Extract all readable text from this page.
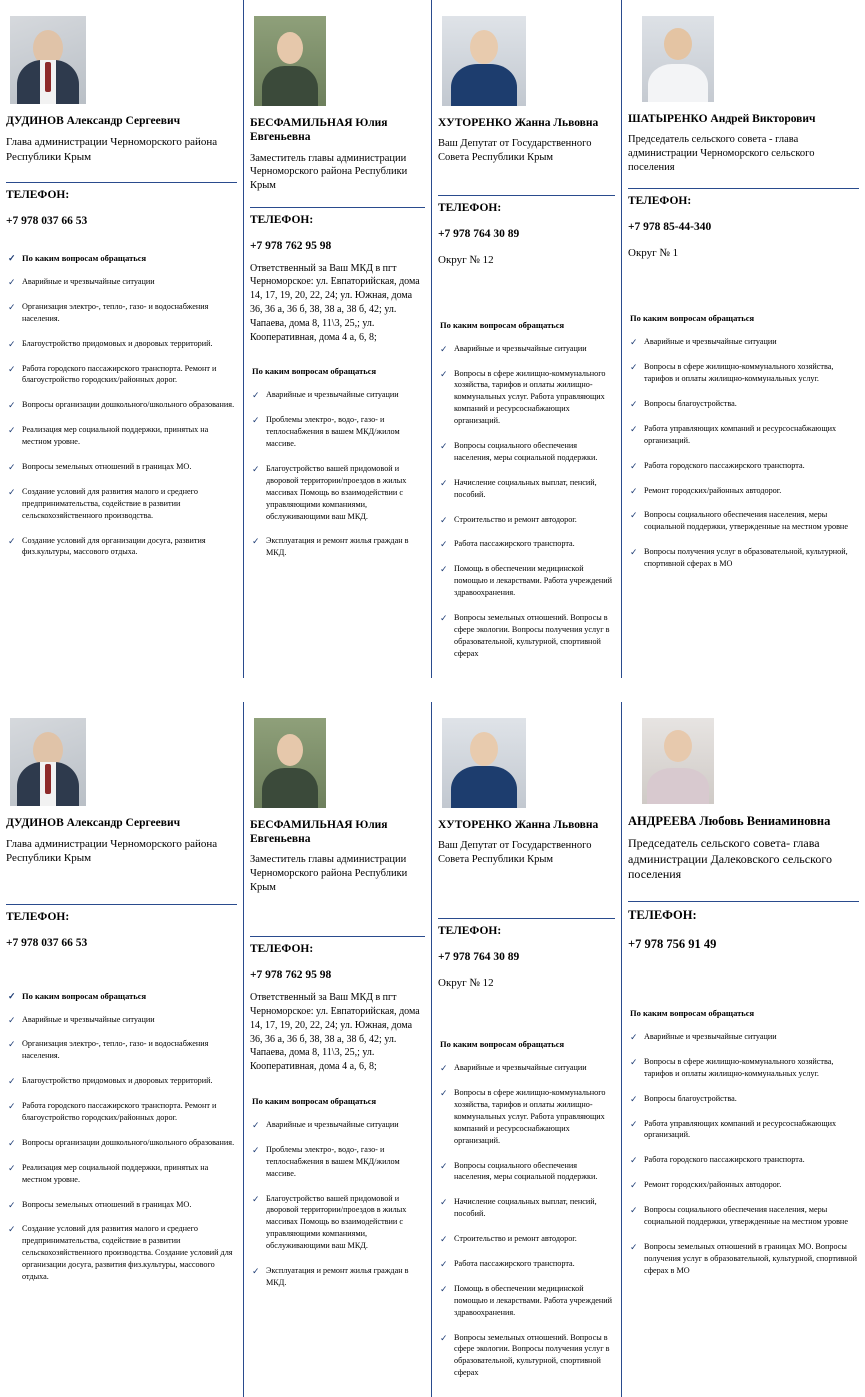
ДУДИНОВ Александр Сергеевич
Глава администрации Черноморского района Республики Крым
ТЕЛЕФОН:
+7 978 037 66 53
✓ По каким вопросам обращаться
✓ Аварийные и чрезвычайные ситуации
✓ Организация электро-, тепло-, газо- и водоснабжения населения.
✓ Благоустройство придомовых и дворовых территорий.
✓ Работа городского пассажирского транспорта. Ремонт и благоустройство городских/районных дорог.
✓ Вопросы организации дошкольного/школьного образования.
✓ Реализация мер социальной поддержки, принятых на местном уровне.
✓ Вопросы земельных отношений в границах МО.
✓ Создание условий для развития малого и среднего предпринимательства, содействие в развитии сельскохозяйственного производства.
✓ Создание условий для организации досуга, развития физ.культуры, массового отдыха.
БЕСФАМИЛЬНАЯ Юлия Евгеньевна
Заместитель главы администрации Черноморского района Республики Крым
ТЕЛЕФОН:
+7 978 762 95 98
Ответственный за Ваш МКД в пгт Черноморское: ул. Евпаторийская, дома 14, 17, 19, 20, 22, 24; ул. Южная, дома 36, 36 а, 36 б, 38, 38 а, 38 б, 42; ул. Чапаева, дома 8, 11\3, 25,; ул. Кооперативная, дома 4 а, 6, 8;
По каким вопросам обращаться
✓ Аварийные и чрезвычайные ситуации
✓ Проблемы электро-, водо-, газо- и теплоснабжения в вашем МКД/жилом массиве.
✓ Благоустройство вашей придомовой и дворовой территории/проездов в жилых массивах Помощь во взаимодействии с управляющими компаниями, обслуживающими ваш МКД.
✓ Эксплуатация и ремонт жилья граждан в МКД.
ХУТОРЕНКО Жанна Львовна
Ваш Депутат от Государственного Совета Республики Крым
ТЕЛЕФОН:
+7 978 764 30 89
Округ № 12
По каким вопросам обращаться
✓ Аварийные и чрезвычайные ситуации
✓ Вопросы в сфере жилищно-коммунального хозяйства, тарифов и оплаты жилищно-коммунальных услуг. Работа управляющих компаний и ресурсоснабжающих организаций.
✓ Вопросы социального обеспечения населения, меры социальной поддержки.
✓ Начисление социальных выплат, пенсий, пособий.
✓ Строительство и ремонт автодорог.
✓ Работа пассажирского транспорта.
✓ Помощь в обеспечении медицинской помощью и лекарствами. Работа учреждений здравоохранения.
✓ Вопросы земельных отношений. Вопросы в сфере экологии. Вопросы получения услуг в образовательной, культурной, спортивной сферах
ШАТЫРЕНКО Андрей Викторович
Председатель сельского совета - глава администрации Черноморского сельского поселения
ТЕЛЕФОН:
+7 978 85-44-340
Округ № 1
По каким вопросам обращаться
✓ Аварийные и чрезвычайные ситуации
✓ Вопросы в сфере жилищно-коммунального хозяйства, тарифов и оплаты жилищно-коммунальных услуг.
✓ Вопросы благоустройства.
✓ Работа управляющих компаний и ресурсоснабжающих организаций.
✓ Работа городского пассажирского транспорта.
✓ Ремонт городских/районных автодорог.
✓ Вопросы социального обеспечения населения, меры социальной поддержки, утвержденные на местном уровне
✓ Вопросы получения услуг в образовательной, культурной, спортивной сферах в МО
ДУДИНОВ Александр Сергеевич
Глава администрации Черноморского района Республики Крым
ТЕЛЕФОН:
+7 978 037 66 53
✓ По каким вопросам обращаться
✓ Аварийные и чрезвычайные ситуации
✓ Организация электро-, тепло-, газо- и водоснабжения населения.
✓ Благоустройство придомовых и дворовых территорий.
✓ Работа городского пассажирского транспорта. Ремонт и благоустройство городских/районных дорог.
✓ Вопросы организации дошкольного/школьного образования.
✓ Реализация мер социальной поддержки, принятых на местном уровне.
✓ Вопросы земельных отношений в границах МО.
✓ Создание условий для развития малого и среднего предпринимательства, содействие в развитии сельскохозяйственного производства. Создание условий для организации досуга, развития физ.культуры, массового отдыха.
БЕСФАМИЛЬНАЯ Юлия Евгеньевна
Заместитель главы администрации Черноморского района Республики Крым
ТЕЛЕФОН:
+7 978 762 95 98
Ответственный за Ваш МКД в пгт Черноморское: ул. Евпаторийская, дома 14, 17, 19, 20, 22, 24; ул. Южная, дома 36, 36 а, 36 б, 38, 38 а, 38 б, 42; ул. Чапаева, дома 8, 11\3, 25,; ул. Кооперативная, дома 4 а, 6, 8;
По каким вопросам обращаться
✓ Аварийные и чрезвычайные ситуации
✓ Проблемы электро-, водо-, газо- и теплоснабжения в вашем МКД/жилом массиве.
✓ Благоустройство вашей придомовой и дворовой территории/проездов в жилых массивах Помощь во взаимодействии с управляющими компаниями, обслуживающими ваш МКД.
✓ Эксплуатация и ремонт жилья граждан в МКД.
ХУТОРЕНКО Жанна Львовна
Ваш Депутат от Государственного Совета Республики Крым
ТЕЛЕФОН:
+7 978 764 30 89
Округ № 12
По каким вопросам обращаться
✓ Аварийные и чрезвычайные ситуации
✓ Вопросы в сфере жилищно-коммунального хозяйства, тарифов и оплаты жилищно-коммунальных услуг. Работа управляющих компаний и ресурсоснабжающих организаций.
✓ Вопросы социального обеспечения населения, меры социальной поддержки.
✓ Начисление социальных выплат, пенсий, пособий.
✓ Строительство и ремонт автодорог.
✓ Работа пассажирского транспорта.
✓ Помощь в обеспечении медицинской помощью и лекарствами. Работа учреждений здравоохранения.
✓ Вопросы земельных отношений. Вопросы в сфере экологии. Вопросы получения услуг в образовательной, культурной, спортивной сферах
АНДРЕЕВА Любовь Вениаминовна
Председатель сельского совета- глава администрации Далековского сельского поселения
ТЕЛЕФОН:
+7 978 756 91 49
По каким вопросам обращаться
✓ Аварийные и чрезвычайные ситуации
✓ Вопросы в сфере жилищно-коммунального хозяйства, тарифов и оплаты жилищно-коммунальных услуг.
✓ Вопросы благоустройства.
✓ Работа управляющих компаний и ресурсоснабжающих организаций.
✓ Работа городского пассажирского транспорта.
✓ Ремонт городских/районных автодорог.
✓ Вопросы социального обеспечения населения, меры социальной поддержки, утвержденные на местном уровне
✓ Вопросы земельных отношений в границах МО. Вопросы получения услуг в образовательной, культурной, спортивной сферах в МО
